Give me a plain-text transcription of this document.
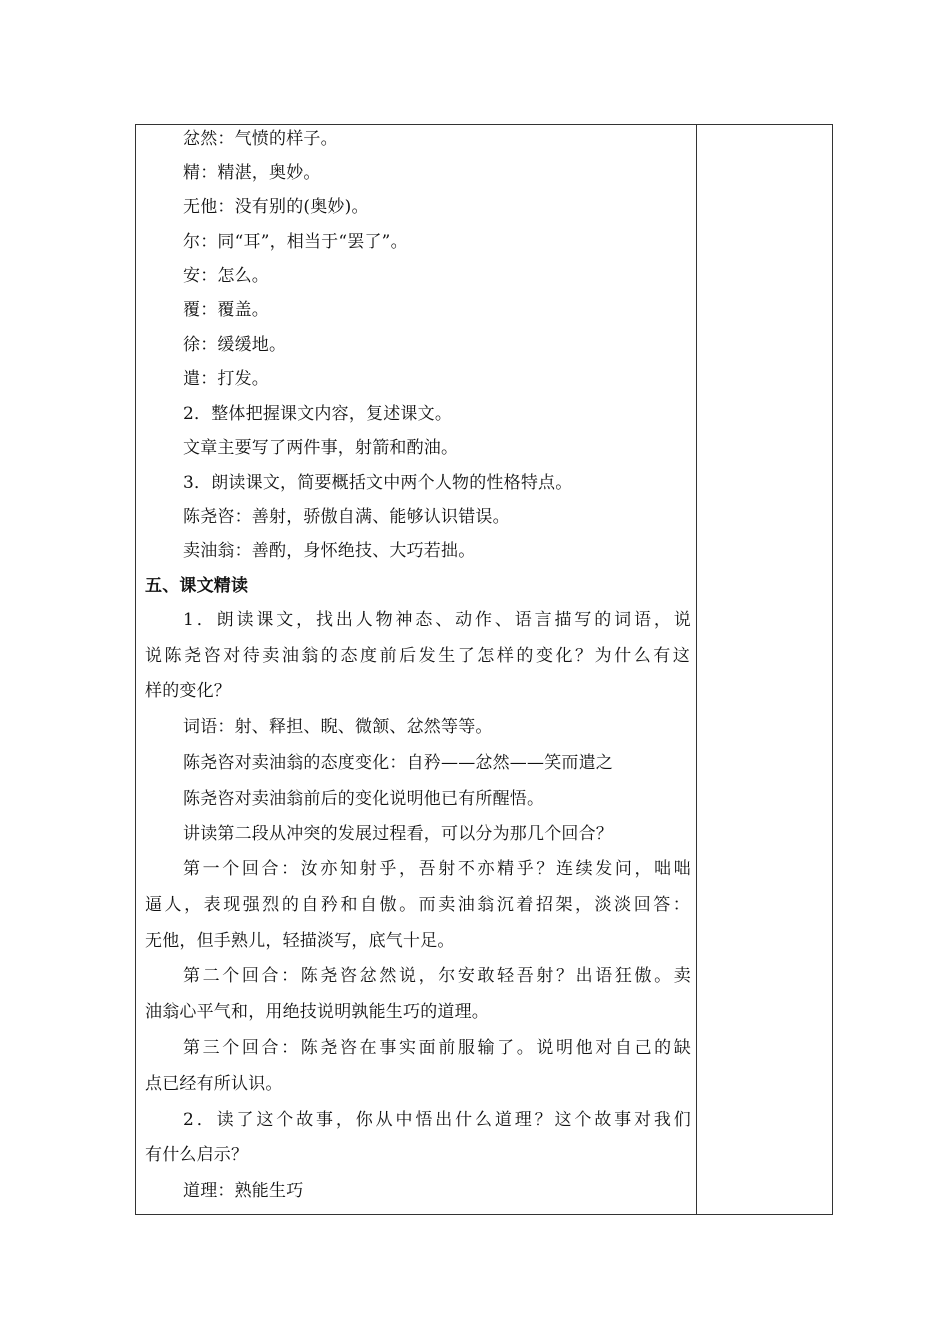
忿然：气愤的样子。
精：精湛，奥妙。
无他：没有别的(奥妙)。
尔：同“耳”，相当于“罢了”。
安：怎么。
覆：覆盖。
徐：缓缓地。
遣：打发。
2．整体把握课文内容，复述课文。
文章主要写了两件事，射箭和酌油。
3．朗读课文，简要概括文中两个人物的性格特点。
陈尧咨：善射，骄傲自满、能够认识错误。
卖油翁：善酌，身怀绝技、大巧若拙。
五、课文精读
1．朗读课文，找出人物神态、动作、语言描写的词语，说
说陈尧咨对待卖油翁的态度前后发生了怎样的变化？为什么有这
样的变化？
词语：射、释担、睨、微颔、忿然等等。
陈尧咨对卖油翁的态度变化：自矜——忿然——笑而遣之
陈尧咨对卖油翁前后的变化说明他已有所醒悟。
讲读第二段从冲突的发展过程看，可以分为那几个回合？
第一个回合：汝亦知射乎，吾射不亦精乎？连续发问，咄咄
逼人，表现强烈的自矜和自傲。而卖油翁沉着招架，淡淡回答：
无他，但手熟儿，轻描淡写，底气十足。
第二个回合：陈尧咨忿然说，尔安敢轻吾射？出语狂傲。卖
油翁心平气和，用绝技说明孰能生巧的道理。
第三个回合：陈尧咨在事实面前服输了。说明他对自己的缺
点已经有所认识。
2．读了这个故事，你从中悟出什么道理？这个故事对我们
有什么启示？
道理：熟能生巧
